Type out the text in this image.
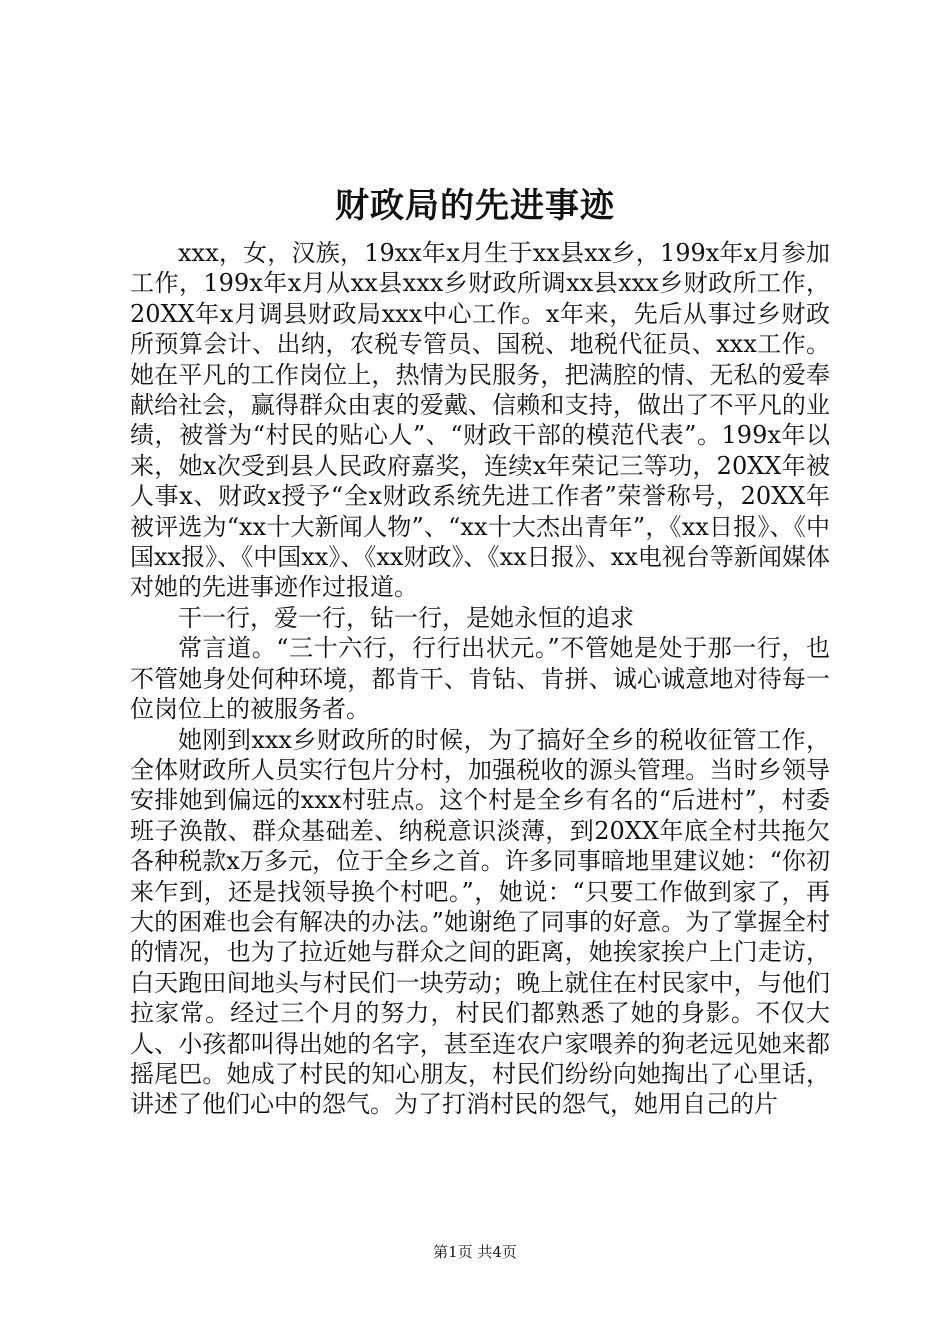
财政局的先进事迹

xxx，女，汉族，19xx年x月生于xx县xx乡，199x年x月参加工作，199x年x月从xx县xxx乡财政所调xx县xxx乡财政所工作，20XX年x月调县财政局xxx中心工作。x年来，先后从事过乡财政所预算会计、出纳，农税专管员、国税、地税代征员、xxx工作。她在平凡的工作岗位上，热情为民服务，把满腔的情、无私的爱奉献给社会，赢得群众由衷的爱戴、信赖和支持，做出了不平凡的业绩，被誉为“村民的贴心人”、“财政干部的模范代表”。199x年以来，她x次受到县人民政府嘉奖，连续x年荣记三等功，20XX年被人事x、财政x授予“全x财政系统先进工作者”荣誉称号，20XX年被评选为“xx十大新闻人物”、“xx十大杰出青年”，《xx日报》、《中国xx报》、《中国xx》、《xx财政》、《xx日报》、xx电视台等新闻媒体对她的先进事迹作过报道。

干一行，爱一行，钻一行，是她永恒的追求

常言道。“三十六行，行行出状元。”不管她是处于那一行，也不管她身处何种环境，都肯干、肯钻、肯拼、诚心诚意地对待每一位岗位上的被服务者。

她刚到xxx乡财政所的时候，为了搞好全乡的税收征管工作，全体财政所人员实行包片分村，加强税收的源头管理。当时乡领导安排她到偏远的xxx村驻点。这个村是全乡有名的“后进村”，村委班子涣散、群众基础差、纳税意识淡薄，到20XX年底全村共拖欠各种税款x万多元，位于全乡之首。许多同事暗地里建议她：“你初来乍到，还是找领导换个村吧。”，她说：“只要工作做到家了，再大的困难也会有解决的办法。”她谢绝了同事的好意。为了掌握全村的情况，也为了拉近她与群众之间的距离，她挨家挨户上门走访，白天跑田间地头与村民们一块劳动；晚上就住在村民家中，与他们拉家常。经过三个月的努力，村民们都熟悉了她的身影。不仅大人、小孩都叫得出她的名字，甚至连农户家喂养的狗老远见她来都摇尾巴。她成了村民的知心朋友，村民们纷纷向她掏出了心里话，讲述了他们心中的怨气。为了打消村民的怨气，她用自己的片

第1页 共4页
